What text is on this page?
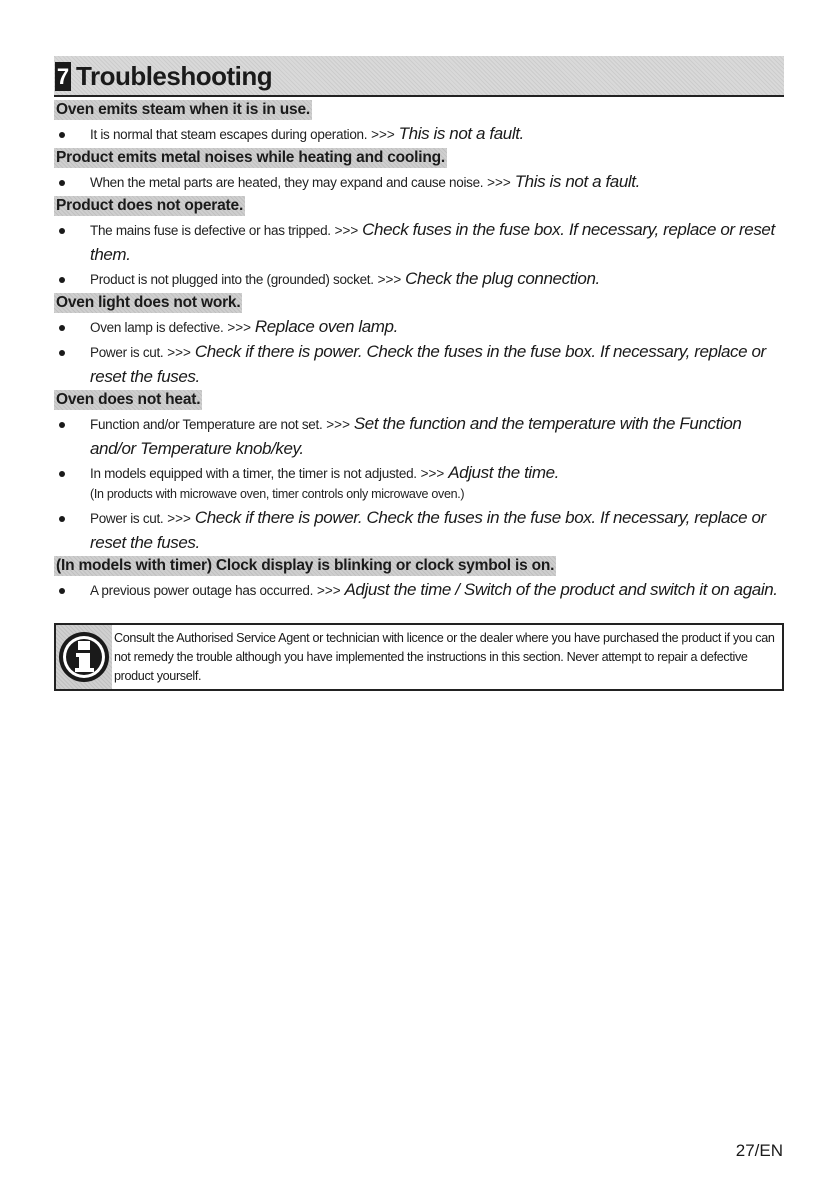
7 Troubleshooting
Oven emits steam when it is in use.
It is normal that steam escapes during operation. >>> This is not a fault.
Product emits metal noises while heating and cooling.
When the metal parts are heated, they may expand and cause noise. >>> This is not a fault.
Product does not operate.
The mains fuse is defective or has tripped. >>> Check fuses in the fuse box. If necessary, replace or reset them.
Product is not plugged into the (grounded) socket. >>> Check the plug connection.
Oven light does not work.
Oven lamp is defective. >>> Replace oven lamp.
Power is cut. >>> Check if there is power. Check the fuses in the fuse box. If necessary, replace or reset the fuses.
Oven does not heat.
Function and/or Temperature are not set. >>> Set the function and the temperature with the Function and/or Temperature knob/key.
In models equipped with a timer, the timer is not adjusted. >>> Adjust the time.
(In products with microwave oven, timer controls only microwave oven.)
Power is cut. >>> Check if there is power. Check the fuses in the fuse box. If necessary, replace or reset the fuses.
(In models with timer) Clock display is blinking or clock symbol is on.
A previous power outage has occurred. >>> Adjust the time / Switch of the product and switch it on again.
Consult the Authorised Service Agent or technician with licence or the dealer where you have purchased the product if you can not remedy the trouble although you have implemented the instructions in this section. Never attempt to repair a defective product yourself.
27/EN
